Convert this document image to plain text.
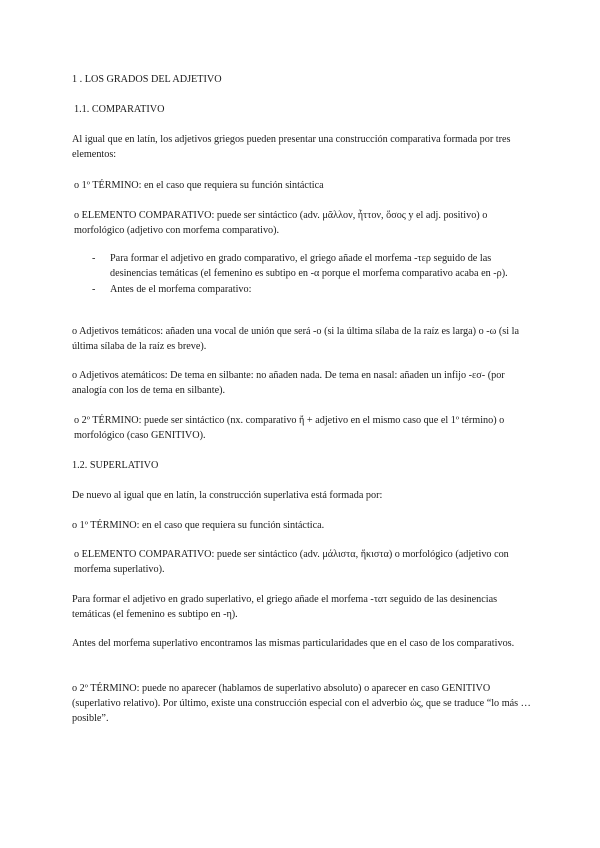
1 . LOS GRADOS DEL ADJETIVO

1.1. COMPARATIVO

Al igual que en latín, los adjetivos griegos pueden presentar una construcción comparativa formada por tres elementos:

o 1º TÉRMINO: en el caso que requiera su función sintáctica

o ELEMENTO COMPARATIVO: puede ser sintáctico (adv. μᾶλλον, ἧττον, ὅσος y el adj. positivo) o morfológico (adjetivo con morfema comparativo).

- Para formar el adjetivo en grado comparativo, el griego añade el morfema -τερ seguido de las desinencias temáticas (el femenino es subtipo en -α porque el morfema comparativo acaba en -ρ).
- Antes de el morfema comparativo:

o Adjetivos temáticos: añaden una vocal de unión que será -o (si la última sílaba de la raíz es larga) o -ω (si la última sílaba de la raíz es breve).

o Adjetivos atemáticos: De tema en silbante: no añaden nada. De tema en nasal: añaden un infijo -εσ- (por analogía con los de tema en silbante).

o 2º TÉRMINO: puede ser sintáctico (nx. comparativo ἤ + adjetivo en el mismo caso que el 1º término) o morfológico (caso GENITIVO).

1.2. SUPERLATIVO

De nuevo al igual que en latín, la construcción superlativa está formada por:

o 1º TÉRMINO: en el caso que requiera su función sintáctica.

o ELEMENTO COMPARATIVO: puede ser sintáctico (adv. μάλιστα, ἥκιστα) o morfológico (adjetivo con morfema superlativo).

Para formar el adjetivo en grado superlativo, el griego añade el morfema -τατ seguido de las desinencias temáticas (el femenino es subtipo en -η).

Antes del morfema superlativo encontramos las mismas particularidades que en el caso de los comparativos.

o 2º TÉRMINO: puede no aparecer (hablamos de superlativo absoluto) o aparecer en caso GENITIVO (superlativo relativo). Por último, existe una construcción especial con el adverbio ὡς, que se traduce “lo más … posible”.
